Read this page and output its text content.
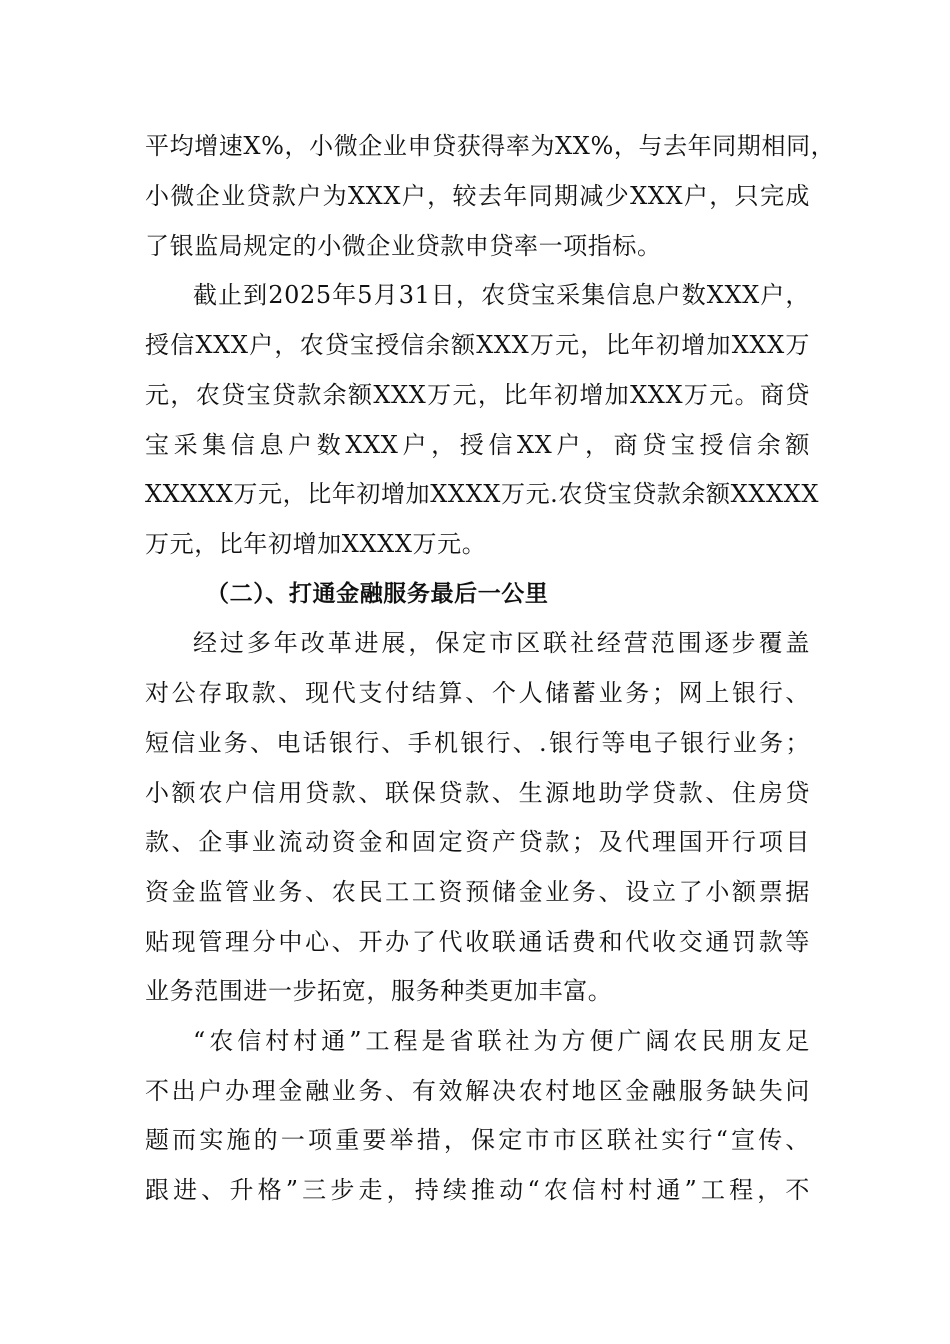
平均增速X%，小微企业申贷获得率为XX%，与去年同期相同，
小微企业贷款户为XXX户，较去年同期减少XXX户，只完成
了银监局规定的小微企业贷款申贷率一项指标。
截止到2025年5月31日，农贷宝采集信息户数XXX户，
授信XXX户，农贷宝授信余额XXX万元，比年初增加XXX万
元，农贷宝贷款余额XXX万元，比年初增加XXX万元。商贷
宝采集信息户数XXX户，授信XX户，商贷宝授信余额
XXXXX万元，比年初增加XXXX万元.农贷宝贷款余额XXXXX
万元，比年初增加XXXX万元。
（二）、打通金融服务最后一公里
经过多年改革进展，保定市区联社经营范围逐步覆盖
对公存取款、现代支付结算、个人储蓄业务；网上银行、
短信业务、电话银行、手机银行、.银行等电子银行业务；
小额农户信用贷款、联保贷款、生源地助学贷款、住房贷
款、企事业流动资金和固定资产贷款；及代理国开行项目
资金监管业务、农民工工资预储金业务、设立了小额票据
贴现管理分中心、开办了代收联通话费和代收交通罚款等
业务范围进一步拓宽，服务种类更加丰富。
“农信村村通”工程是省联社为方便广阔农民朋友足
不出户办理金融业务、有效解决农村地区金融服务缺失问
题而实施的一项重要举措，保定市市区联社实行“宣传、
跟进、升格”三步走，持续推动“农信村村通”工程，不
